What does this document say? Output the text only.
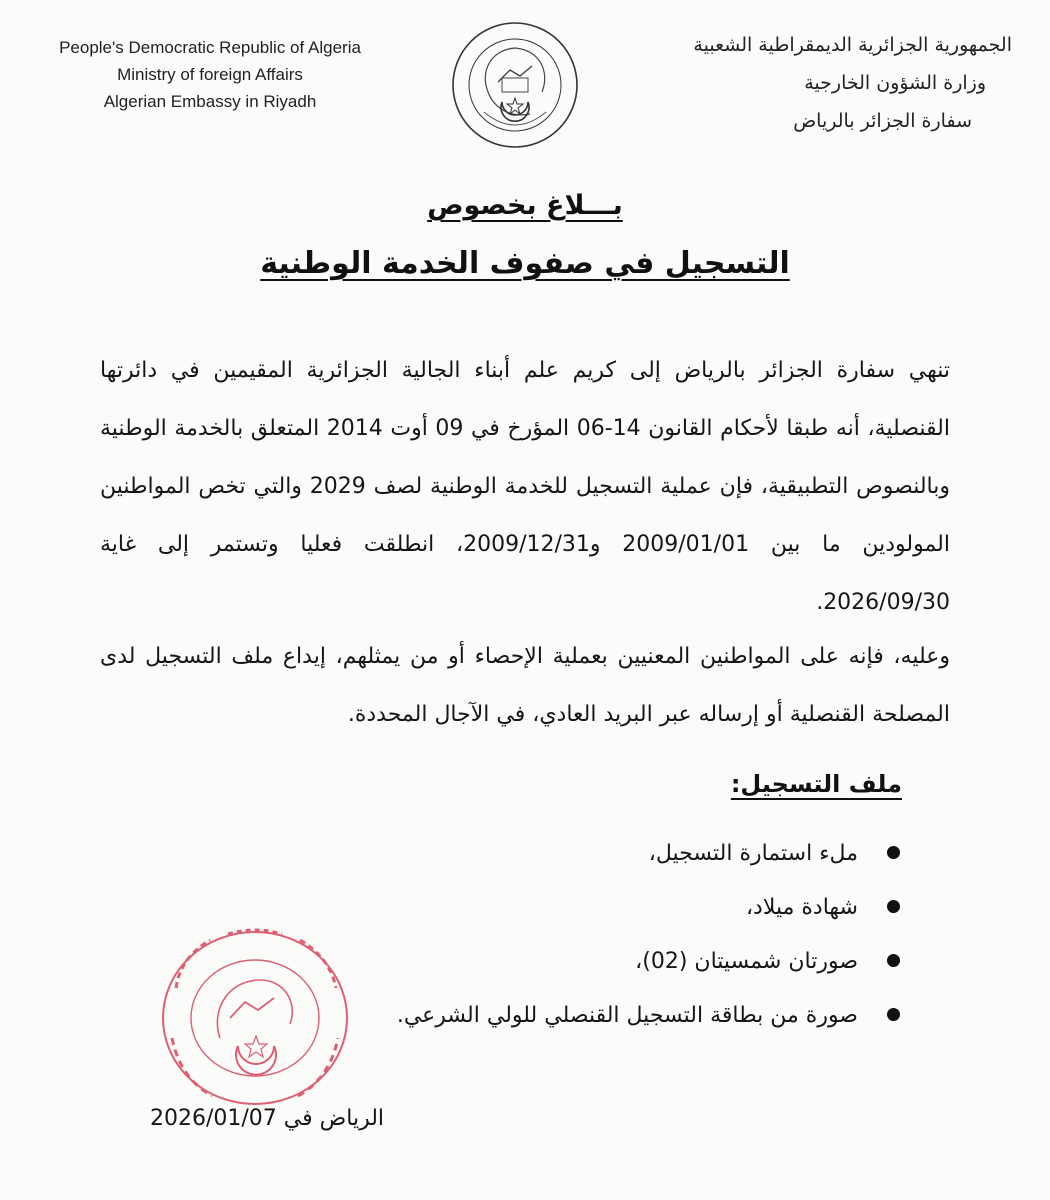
People's Democratic Republic of Algeria
Ministry of foreign Affairs
Algerian Embassy in Riyadh
الجمهورية الجزائرية الديمقراطية الشعبية
وزارة الشؤون الخارجية
سفارة الجزائر بالرياض
بـــلاغ بخصوص
التسجيل في صفوف الخدمة الوطنية

تنهي سفارة الجزائر بالرياض إلى كريم علم أبناء الجالية الجزائرية المقيمين في دائرتها القنصلية، أنه طبقا لأحكام القانون 14-06 المؤرخ في 09 أوت 2014 المتعلق بالخدمة الوطنية وبالنصوص التطبيقية، فإن عملية التسجيل للخدمة الوطنية لصف 2029 والتي تخص المواطنين المولودين ما بين 2009/01/01 و2009/12/31، انطلقت فعليا وتستمر إلى غاية 2026/09/30.

وعليه، فإنه على المواطنين المعنيين بعملية الإحصاء أو من يمثلهم، إيداع ملف التسجيل لدى المصلحة القنصلية أو إرساله عبر البريد العادي، في الآجال المحددة.

ملف التسجيل:
ملء استمارة التسجيل،
شهادة ميلاد،
صورتان شمسيتان (02)،
صورة من بطاقة التسجيل القنصلي للولي الشرعي.
الرياض في 2026/01/07
